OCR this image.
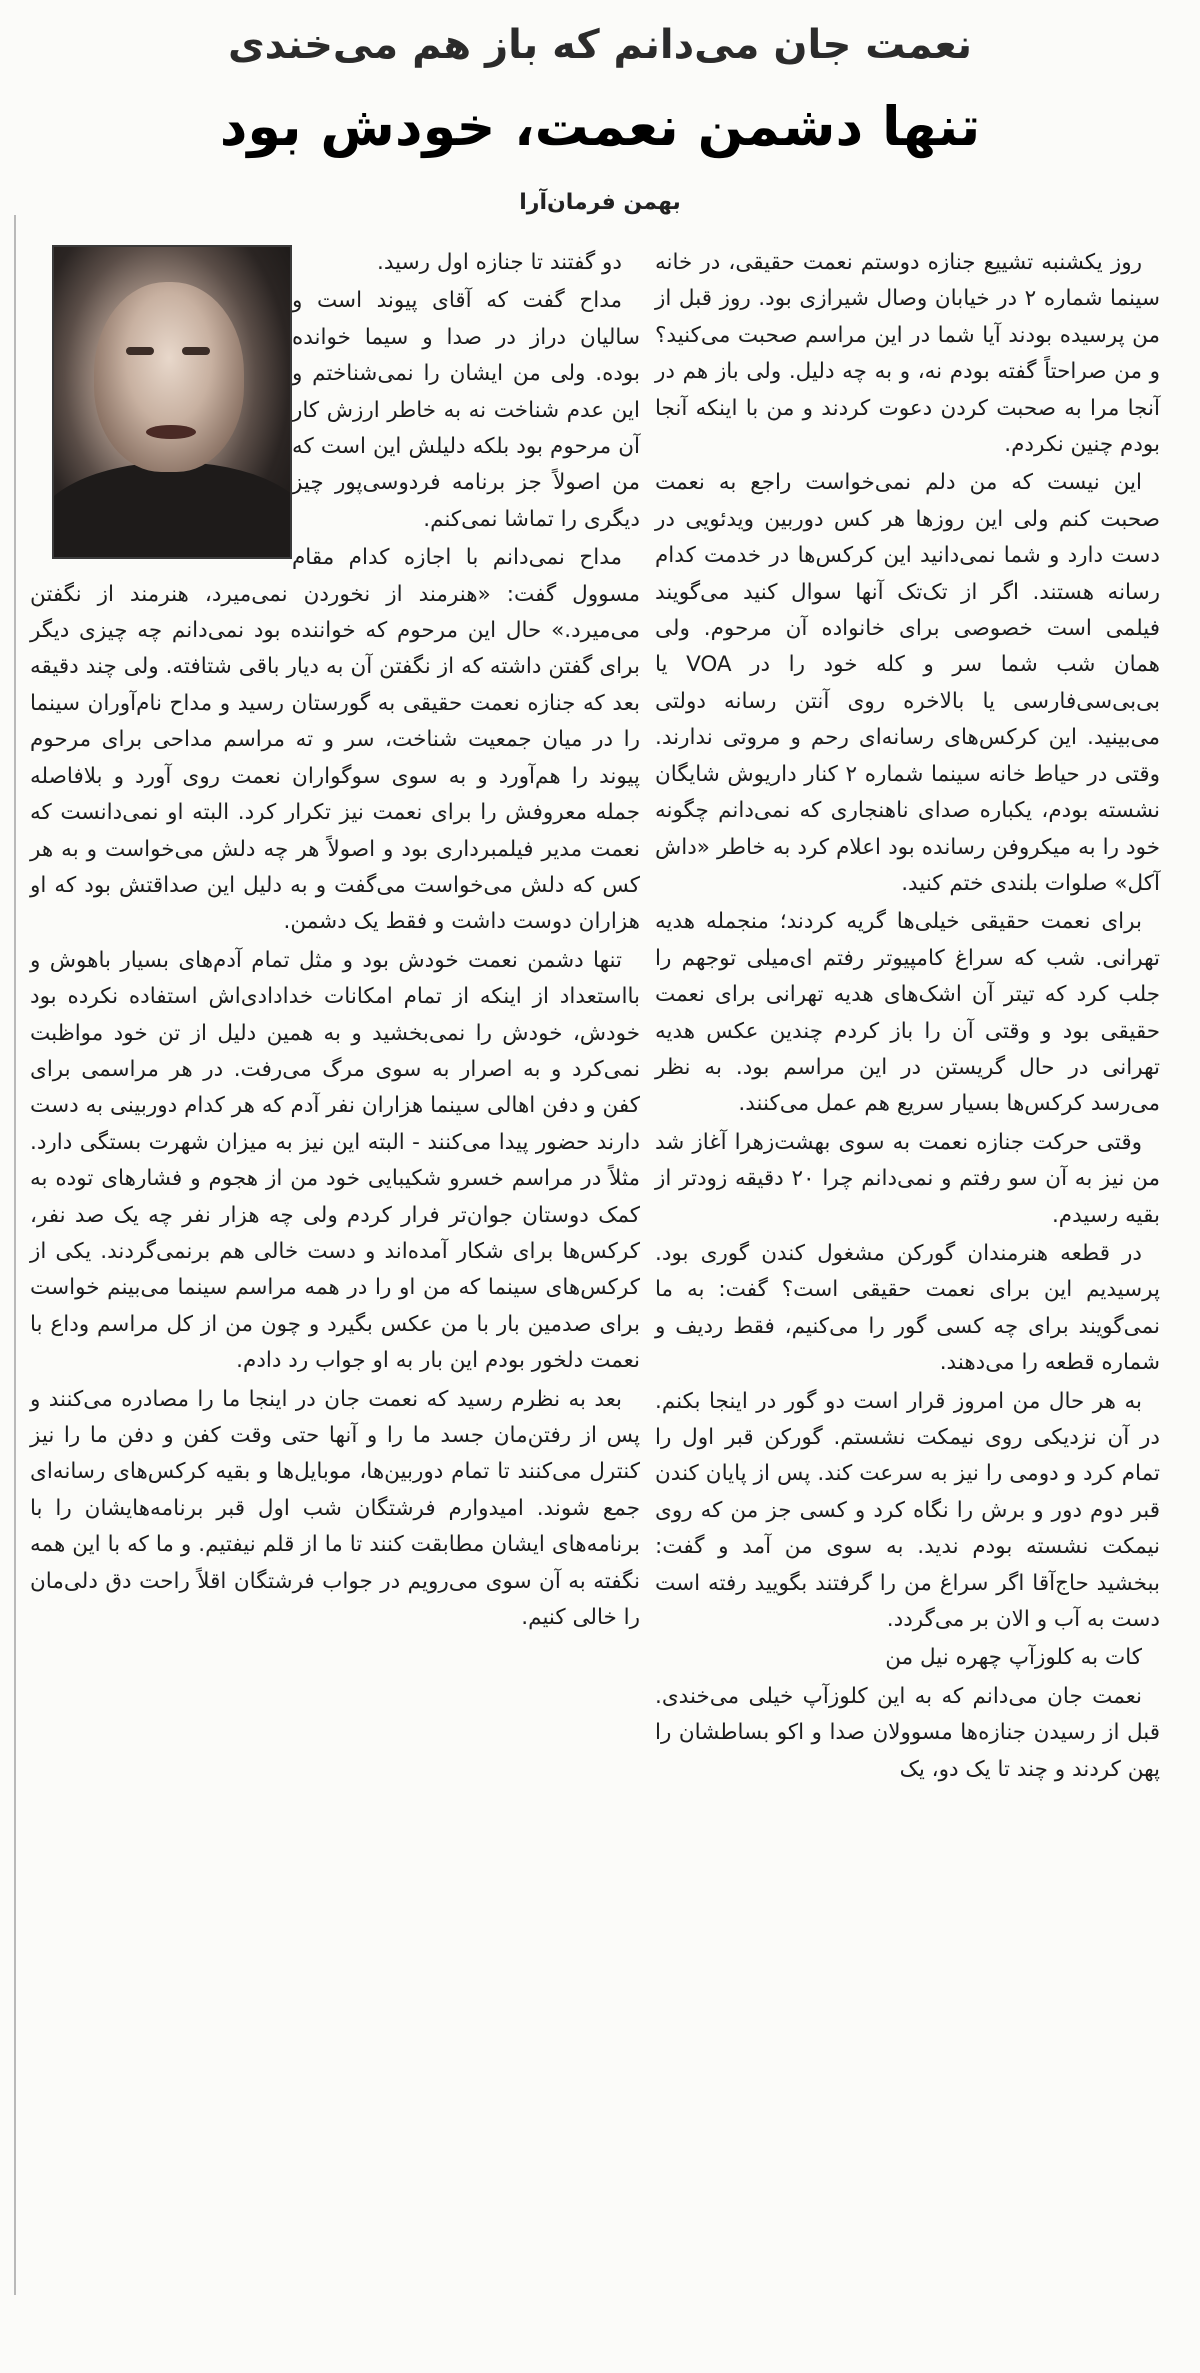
نعمت جان می‌دانم که باز هم می‌خندی
تنها دشمن نعمت، خودش بود
بهمن فرمان‌آرا

روز یکشنبه تشییع جنازه دوستم نعمت حقیقی، در خانه سینما شماره ۲ در خیابان وصال شیرازی بود. روز قبل از من پرسیده بودند آیا شما در این مراسم صحبت می‌کنید؟ و من صراحتاً گفته بودم نه، و به چه دلیل. ولی باز هم در آنجا مرا به صحبت کردن دعوت کردند و من با اینکه آنجا بودم چنین نکردم.

این نیست که من دلم نمی‌خواست راجع به نعمت صحبت کنم ولی این روزها هر کس دوربین ویدئویی در دست دارد و شما نمی‌دانید این کرکس‌ها در خدمت کدام رسانه هستند. اگر از تک‌تک آنها سوال کنید می‌گویند فیلمی است خصوصی برای خانواده آن مرحوم. ولی همان شب شما سر و کله خود را در VOA یا بی‌بی‌سی‌فارسی یا بالاخره روی آنتن رسانه دولتی می‌بینید. این کرکس‌های رسانه‌ای رحم و مروتی ندارند. وقتی در حیاط خانه سینما شماره ۲ کنار داریوش شایگان نشسته بودم، یکباره صدای ناهنجاری که نمی‌دانم چگونه خود را به میکروفن رسانده بود اعلام کرد به خاطر «داش آکل» صلوات بلندی ختم کنید.

برای نعمت حقیقی خیلی‌ها گریه کردند؛ منجمله هدیه تهرانی. شب که سراغ کامپیوتر رفتم ای‌میلی توجهم را جلب کرد که تیتر آن اشک‌های هدیه تهرانی برای نعمت حقیقی بود و وقتی آن را باز کردم چندین عکس هدیه تهرانی در حال گریستن در این مراسم بود. به نظر می‌رسد کرکس‌ها بسیار سریع هم عمل می‌کنند.

وقتی حرکت جنازه نعمت به سوی بهشت‌زهرا آغاز شد من نیز به آن سو رفتم و نمی‌دانم چرا ۲۰ دقیقه زودتر از بقیه رسیدم.

در قطعه هنرمندان گورکن مشغول کندن گوری بود. پرسیدیم این برای نعمت حقیقی است؟ گفت: به ما نمی‌گویند برای چه کسی گور را می‌کنیم، فقط ردیف و شماره قطعه را می‌دهند.

به هر حال من امروز قرار است دو گور در اینجا بکنم. در آن نزدیکی روی نیمکت نشستم. گورکن قبر اول را تمام کرد و دومی را نیز به سرعت کند. پس از پایان کندن قبر دوم دور و برش را نگاه کرد و کسی جز من که روی نیمکت نشسته بودم ندید. به سوی من آمد و گفت: ببخشید حاج‌آقا اگر سراغ من را گرفتند بگویید رفته است دست به آب و الان بر می‌گردد.

کات به کلوزآپ چهره نیل من

نعمت جان می‌دانم که به این کلوزآپ خیلی می‌خندی. قبل از رسیدن جنازه‌ها مسوولان صدا و اکو بساطشان را پهن کردند و چند تا یک دو، یک

دو گفتند تا جنازه اول رسید.

مداح گفت که آقای پیوند است و سالیان دراز در صدا و سیما خوانده بوده. ولی من ایشان را نمی‌شناختم و این عدم شناخت نه به خاطر ارزش کار آن مرحوم بود بلکه دلیلش این است که من اصولاً جز برنامه فردوسی‌پور چیز دیگری را تماشا نمی‌کنم.

مداح نمی‌دانم با اجازه کدام مقام مسوول گفت: «هنرمند از نخوردن نمی‌میرد، هنرمند از نگفتن می‌میرد.» حال این مرحوم که خواننده بود نمی‌دانم چه چیزی دیگر برای گفتن داشته که از نگفتن آن به دیار باقی شتافته. ولی چند دقیقه بعد که جنازه نعمت حقیقی به گورستان رسید و مداح نام‌آوران سینما را در میان جمعیت شناخت، سر و ته مراسم مداحی برای مرحوم پیوند را هم‌آورد و به سوی سوگواران نعمت روی آورد و بلافاصله جمله معروفش را برای نعمت نیز تکرار کرد. البته او نمی‌دانست که نعمت مدیر فیلمبرداری بود و اصولاً هر چه دلش می‌خواست و به هر کس که دلش می‌خواست می‌گفت و به دلیل این صداقتش بود که او هزاران دوست داشت و فقط یک دشمن.

تنها دشمن نعمت خودش بود و مثل تمام آدم‌های بسیار باهوش و بااستعداد از اینکه از تمام امکانات خدادادی‌اش استفاده نکرده بود خودش، خودش را نمی‌بخشید و به همین دلیل از تن خود مواظبت نمی‌کرد و به اصرار به سوی مرگ می‌رفت. در هر مراسمی برای کفن و دفن اهالی سینما هزاران نفر آدم که هر کدام دوربینی به دست دارند حضور پیدا می‌کنند - البته این نیز به میزان شهرت بستگی دارد. مثلاً در مراسم خسرو شکیبایی خود من از هجوم و فشارهای توده به کمک دوستان جوان‌تر فرار کردم ولی چه هزار نفر چه یک صد نفر، کرکس‌ها برای شکار آمده‌اند و دست خالی هم برنمی‌گردند. یکی از کرکس‌های سینما که من او را در همه مراسم سینما می‌بینم خواست برای صدمین بار با من عکس بگیرد و چون من از کل مراسم وداع با نعمت دلخور بودم این بار به او جواب رد دادم.

بعد به نظرم رسید که نعمت جان در اینجا ما را مصادره می‌کنند و پس از رفتن‌مان جسد ما را و آنها حتی وقت کفن و دفن ما را نیز کنترل می‌کنند تا تمام دوربین‌ها، موبایل‌ها و بقیه کرکس‌های رسانه‌ای جمع شوند. امیدوارم فرشتگان شب اول قبر برنامه‌هایشان را با برنامه‌های ایشان مطابقت کنند تا ما از قلم نیفتیم. و ما که با این همه نگفته به آن سوی می‌رویم در جواب فرشتگان اقلاً راحت دق دلی‌مان را خالی کنیم.
